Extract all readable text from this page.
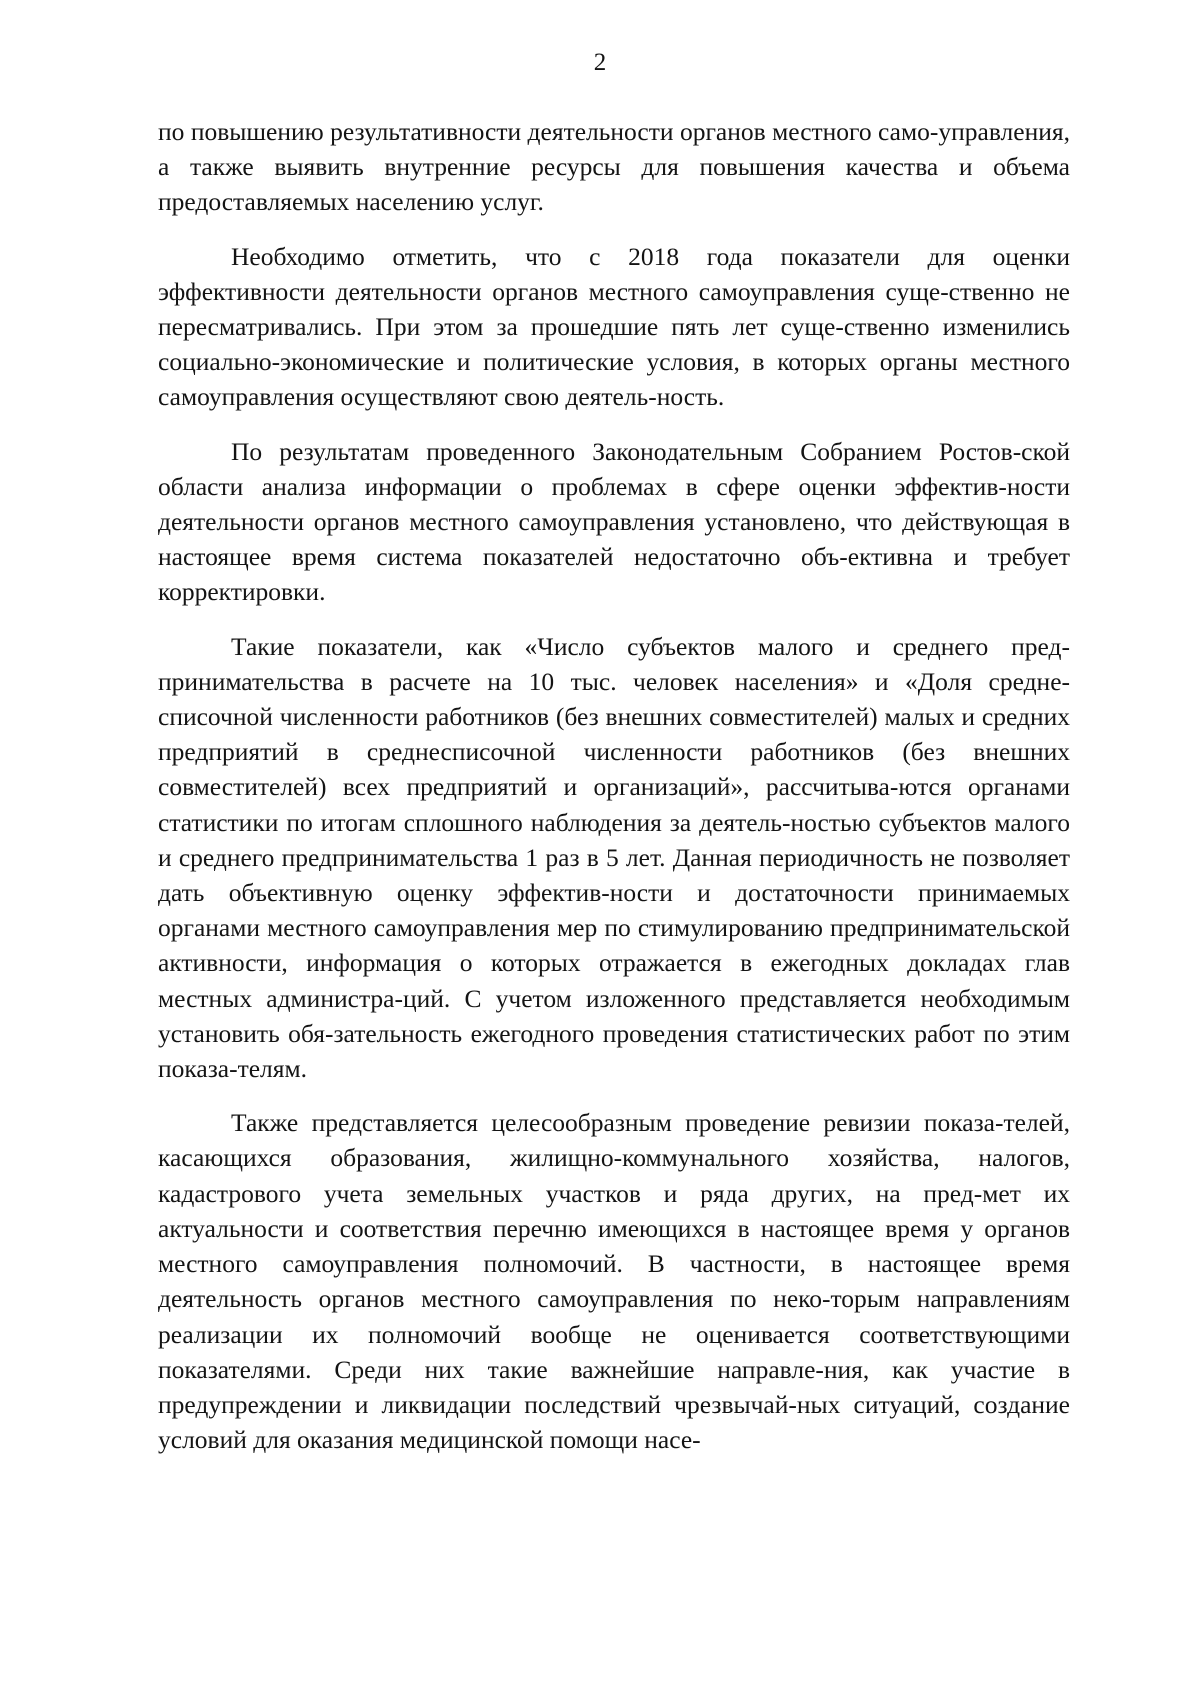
2

по повышению результативности деятельности органов местного само-управления, а также выявить внутренние ресурсы для повышения качества и объема предоставляемых населению услуг.

Необходимо отметить, что с 2018 года показатели для оценки эффективности деятельности органов местного самоуправления суще-ственно не пересматривались. При этом за прошедшие пять лет суще-ственно изменились социально-экономические и политические условия, в которых органы местного самоуправления осуществляют свою деятель-ность.

По результатам проведенного Законодательным Собранием Ростов-ской области анализа информации о проблемах в сфере оценки эффектив-ности деятельности органов местного самоуправления установлено, что действующая в настоящее время система показателей недостаточно объ-ективна и требует корректировки.

Такие показатели, как «Число субъектов малого и среднего пред-принимательства в расчете на 10 тыс. человек населения» и «Доля средне-списочной численности работников (без внешних совместителей) малых и средних предприятий в среднесписочной численности работников (без внешних совместителей) всех предприятий и организаций», рассчитыва-ются органами статистики по итогам сплошного наблюдения за деятель-ностью субъектов малого и среднего предпринимательства 1 раз в 5 лет. Данная периодичность не позволяет дать объективную оценку эффектив-ности и достаточности принимаемых органами местного самоуправления мер по стимулированию предпринимательской активности, информация о которых отражается в ежегодных докладах глав местных администра-ций. С учетом изложенного представляется необходимым установить обя-зательность ежегодного проведения статистических работ по этим показа-телям.

Также представляется целесообразным проведение ревизии показа-телей, касающихся образования, жилищно-коммунального хозяйства, налогов, кадастрового учета земельных участков и ряда других, на пред-мет их актуальности и соответствия перечню имеющихся в настоящее время у органов местного самоуправления полномочий. В частности, в настоящее время деятельность органов местного самоуправления по неко-торым направлениям реализации их полномочий вообще не оценивается соответствующими показателями. Среди них такие важнейшие направле-ния, как участие в предупреждении и ликвидации последствий чрезвычай-ных ситуаций, создание условий для оказания медицинской помощи насе-
